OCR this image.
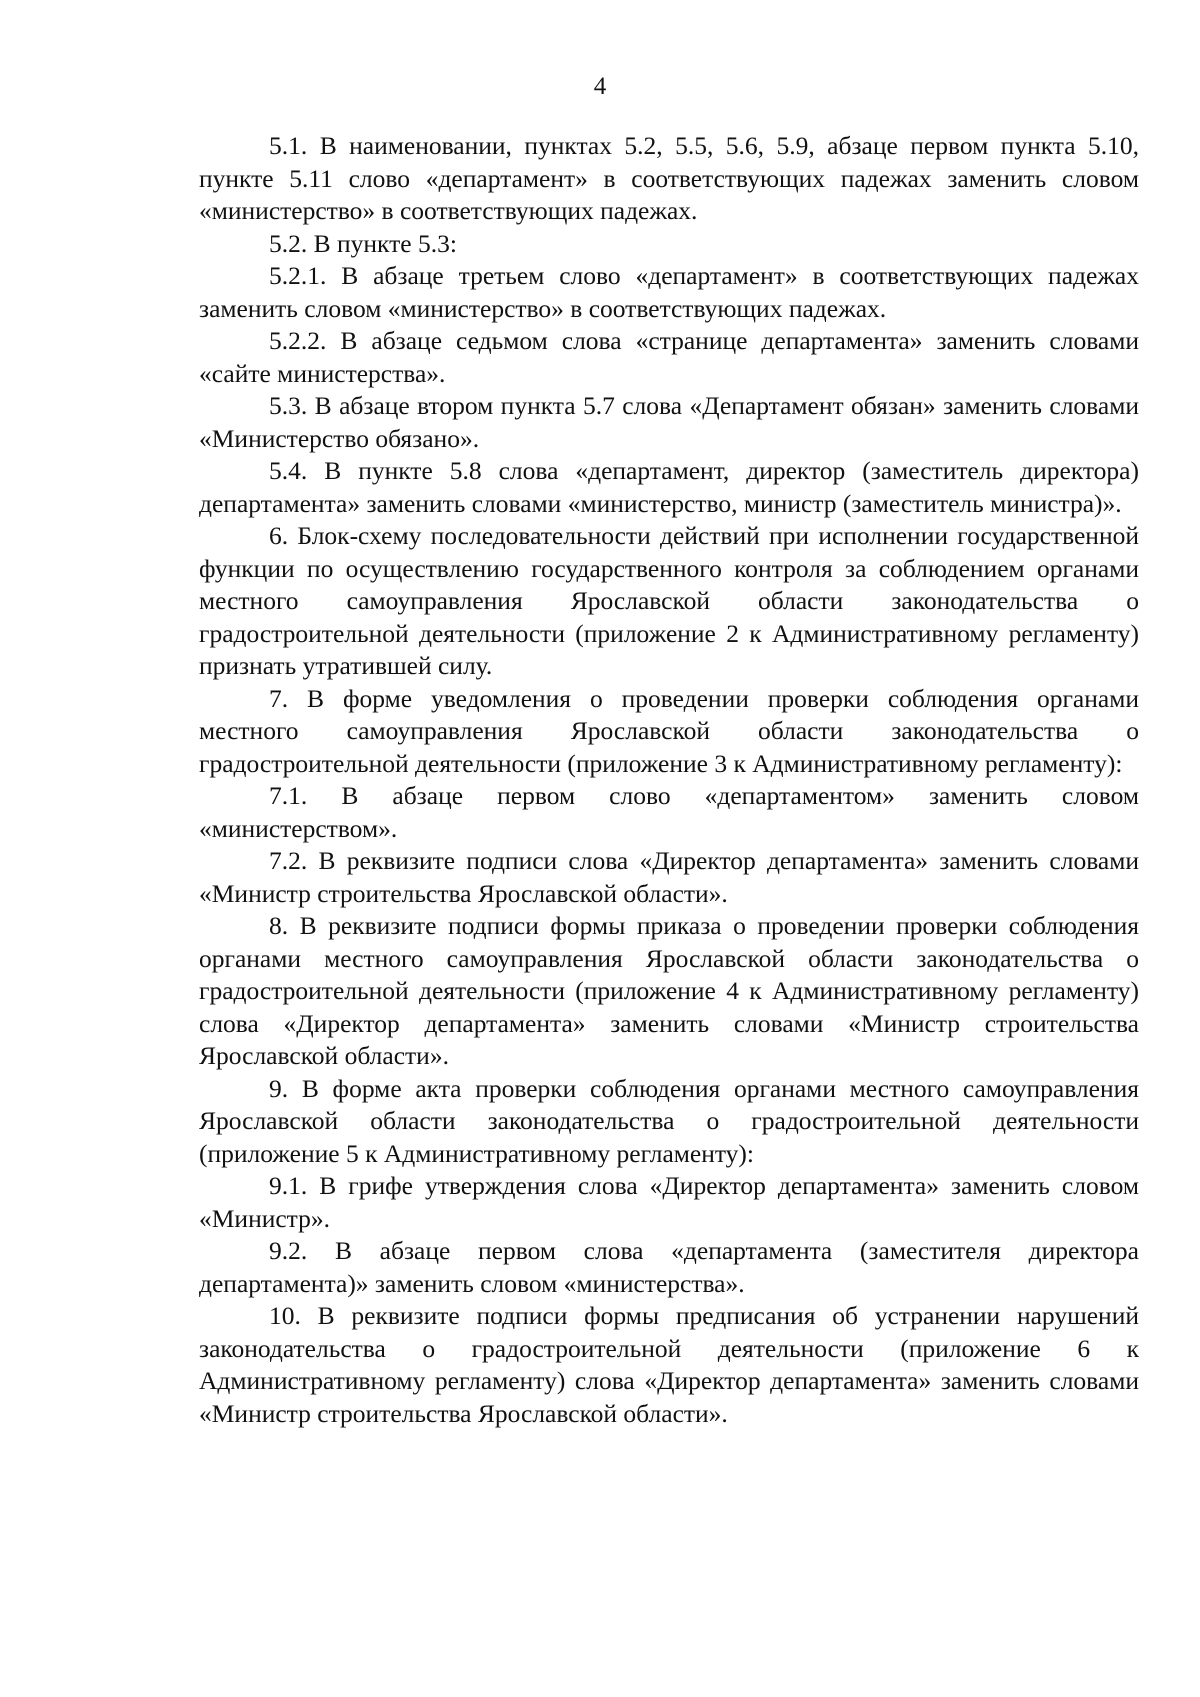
4

5.1. В наименовании, пунктах 5.2, 5.5, 5.6, 5.9, абзаце первом пункта 5.10, пункте 5.11 слово «департамент» в соответствующих падежах заменить словом «министерство» в соответствующих падежах.

5.2. В пункте 5.3:

5.2.1. В абзаце третьем слово «департамент» в соответствующих падежах заменить словом «министерство» в соответствующих падежах.

5.2.2. В абзаце седьмом слова «странице департамента» заменить словами «сайте министерства».

5.3. В абзаце втором пункта 5.7 слова «Департамент обязан» заменить словами «Министерство обязано».

5.4. В пункте 5.8 слова «департамент, директор (заместитель директора) департамента» заменить словами «министерство, министр (заместитель министра)».

6. Блок-схему последовательности действий при исполнении государственной функции по осуществлению государственного контроля за соблюдением органами местного самоуправления Ярославской области законодательства о градостроительной деятельности (приложение 2 к Административному регламенту) признать утратившей силу.

7. В форме уведомления о проведении проверки соблюдения органами местного самоуправления Ярославской области законодательства о градостроительной деятельности (приложение 3 к Административному регламенту):

7.1. В абзаце первом слово «департаментом» заменить словом «министерством».

7.2. В реквизите подписи слова «Директор департамента» заменить словами «Министр строительства Ярославской области».

8. В реквизите подписи формы приказа о проведении проверки соблюдения органами местного самоуправления Ярославской области законодательства о градостроительной деятельности (приложение 4 к Административному регламенту) слова «Директор департамента» заменить словами «Министр строительства Ярославской области».

9. В форме акта проверки соблюдения органами местного самоуправления Ярославской области законодательства о градостроительной деятельности (приложение 5 к Административному регламенту):

9.1. В грифе утверждения слова «Директор департамента» заменить словом «Министр».

9.2. В абзаце первом слова «департамента (заместителя директора департамента)» заменить словом «министерства».

10. В реквизите подписи формы предписания об устранении нарушений законодательства о градостроительной деятельности (приложение 6 к Административному регламенту) слова «Директор департамента» заменить словами «Министр строительства Ярославской области».
